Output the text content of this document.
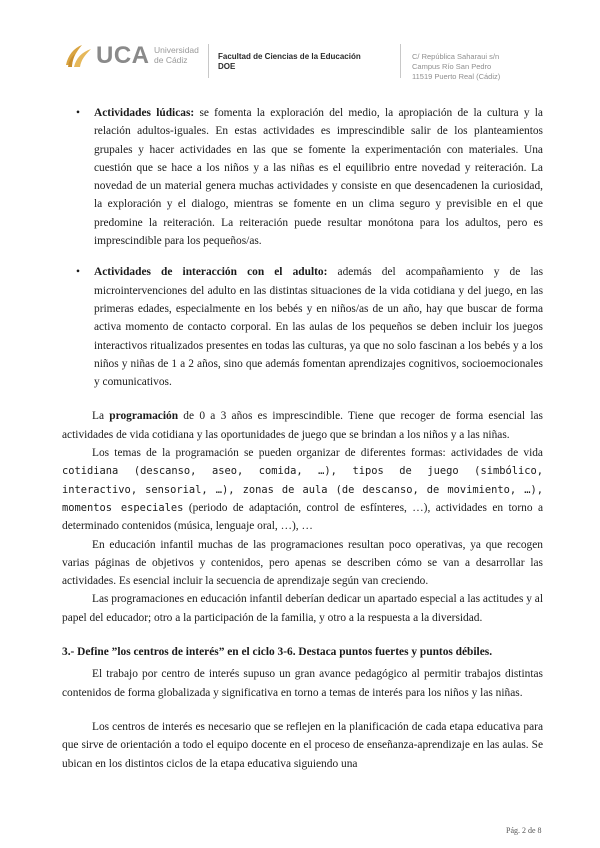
UCA Universidad
de Cádiz	Facultad de Ciencias de la Educación
DOE
C/ República Saharaui s/n
Campus Río San Pedro
11519 Puerto Real (Cádiz)

• Actividades lúdicas: se fomenta la exploración del medio, la apropiación de la cultura y la relación adultos-iguales. En estas actividades es imprescindible salir de los planteamientos grupales y hacer actividades en las que se fomente la experimentación con materiales. Una cuestión que se hace a los niños y a las niñas es el equilibrio entre novedad y reiteración. La novedad de un material genera muchas actividades y consiste en que desencadenen la curiosidad, la exploración y el dialogo, mientras se fomente en un clima seguro y previsible en el que predomine la reiteración. La reiteración puede resultar monótona para los adultos, pero es imprescindible para los pequeños/as.

• Actividades de interacción con el adulto: además del acompañamiento y de las microintervenciones del adulto en las distintas situaciones de la vida cotidiana y del juego, en las primeras edades, especialmente en los bebés y en niños/as de un año, hay que buscar de forma activa momento de contacto corporal. En las aulas de los pequeños se deben incluir los juegos interactivos ritualizados presentes en todas las culturas, ya que no solo fascinan a los bebés y a los niños y niñas de 1 a 2 años, sino que además fomentan aprendizajes cognitivos, socioemocionales y comunicativos.

La programación de 0 a 3 años es imprescindible. Tiene que recoger de forma esencial las actividades de vida cotidiana y las oportunidades de juego que se brindan a los niños y a las niñas.

Los temas de la programación se pueden organizar de diferentes formas: actividades de vida cotidiana (descanso, aseo, comida, …), tipos de juego (simbólico, interactivo, sensorial, …), zonas de aula (de descanso, de movimiento, …), momentos especiales (periodo de adaptación, control de esfínteres, …), actividades en torno a determinado contenidos (música, lenguaje oral, …), …

En educación infantil muchas de las programaciones resultan poco operativas, ya que recogen varias páginas de objetivos y contenidos, pero apenas se describen cómo se van a desarrollar las actividades. Es esencial incluir la secuencia de aprendizaje según van creciendo.

Las programaciones en educación infantil deberían dedicar un apartado especial a las actitudes y al papel del educador; otro a la participación de la familia, y otro a la respuesta a la diversidad.

3.- Define ”los centros de interés” en el ciclo 3-6. Destaca puntos fuertes y puntos débiles.

El trabajo por centro de interés supuso un gran avance pedagógico al permitir trabajos distintas contenidos de forma globalizada y significativa en torno a temas de interés para los niños y las niñas.

Los centros de interés es necesario que se reflejen en la planificación de cada etapa educativa para que sirve de orientación a todo el equipo docente en el proceso de enseñanza-aprendizaje en las aulas. Se ubican en los distintos ciclos de la etapa educativa siguiendo una

Pág. 2 de 8
